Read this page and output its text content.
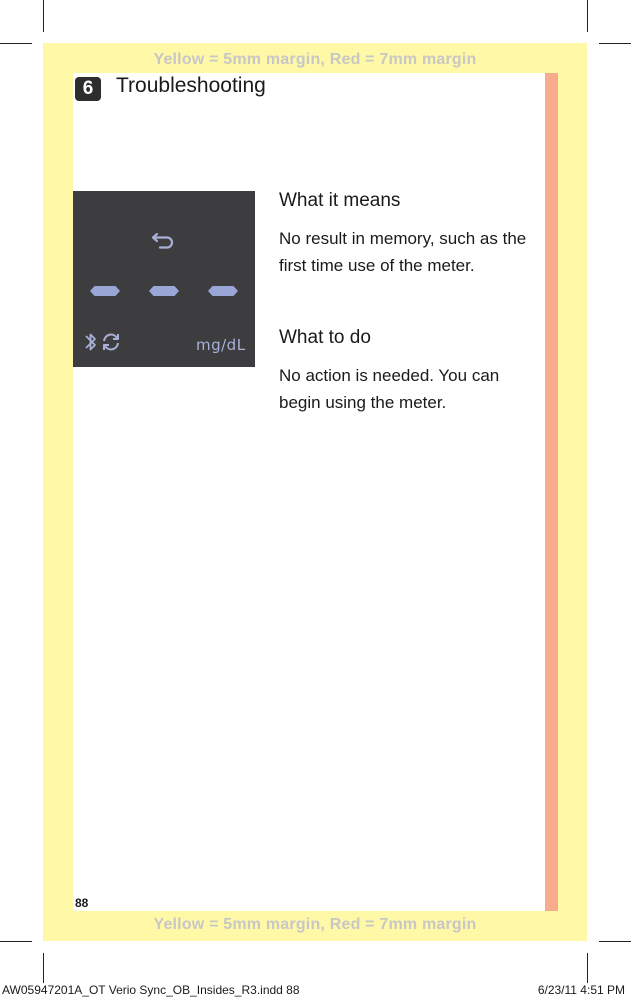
Yellow = 5mm margin, Red = 7mm margin
Yellow = 5mm margin, Red = 7mm margin
6	Troubleshooting
mg/dL
What it means
No result in memory, such as the
first time use of the meter.
What to do
No action is needed. You can
begin using the meter.
88
AW05947201A_OT Verio Sync_OB_Insides_R3.indd 88	6/23/11 4:51 PM
